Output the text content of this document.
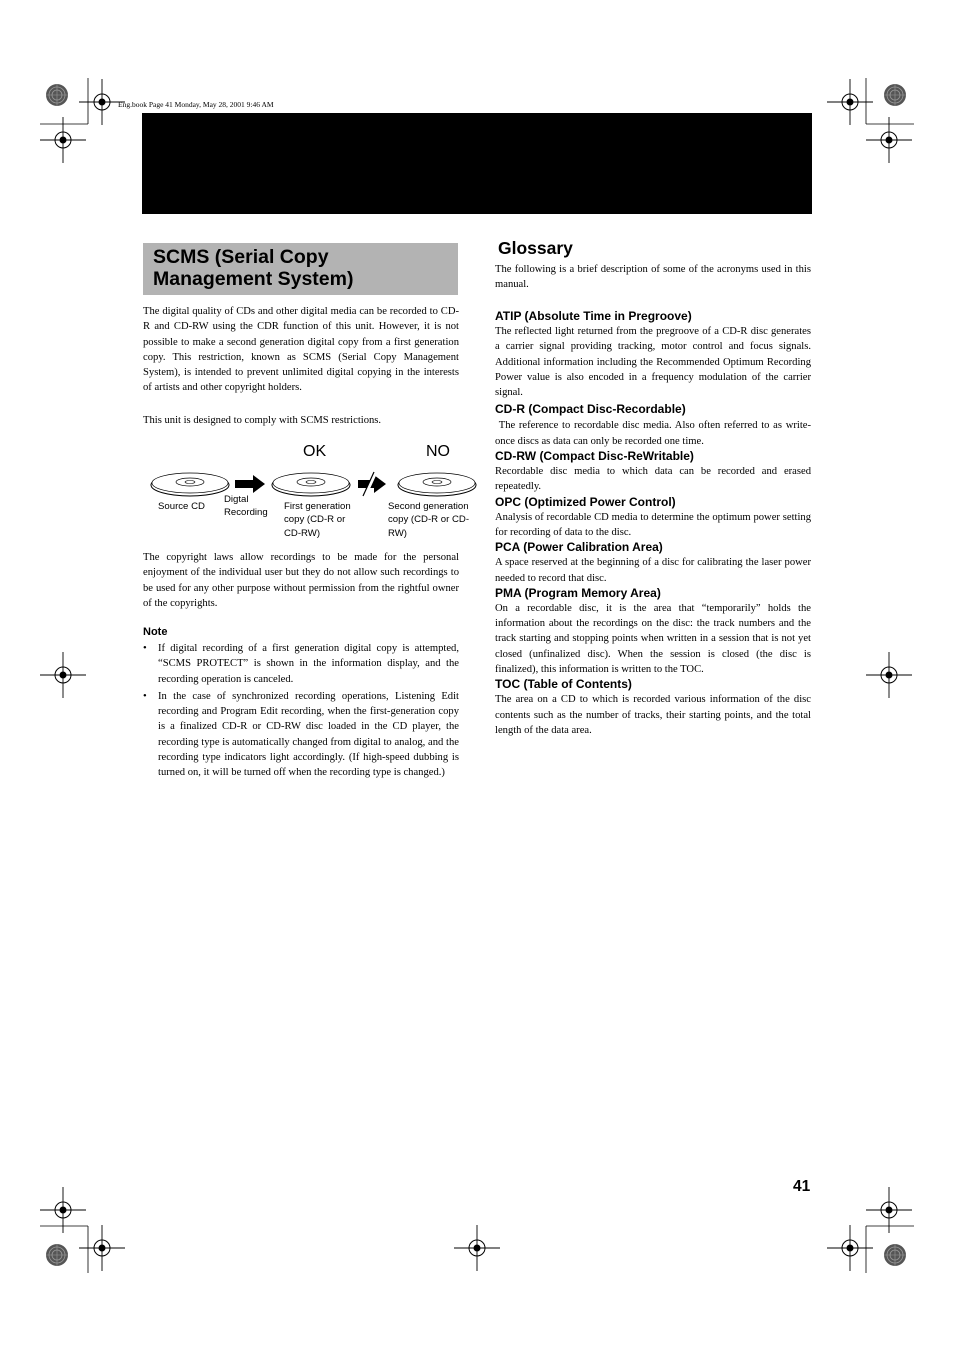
Eng.book Page 41 Monday, May 28, 2001 9:46 AM
SCMS (Serial Copy
Management System)
The digital quality of CDs and other digital media can be recorded to CD-R and CD-RW using the CDR function of this unit. However, it is not possible to make a second generation digital copy from a first generation copy. This restriction, known as SCMS (Serial Copy Management System), is intended to prevent unlimited digital copying in the interests of artists and other copyright holders.
This unit is designed to comply with SCMS restrictions.
OK	NO
Source CD
Digtal
Recording
First generation
copy (CD-R or
CD-RW)
Second generation
copy (CD-R or CD-
RW)
The copyright laws allow recordings to be made for the personal enjoyment of the individual user but they do not allow such recordings to be used for any other purpose without permission from the rightful owner of the copyrights.
Note
• If digital recording of a first generation digital copy is attempted, “SCMS PROTECT” is shown in the information display, and the recording operation is canceled.
• In the case of synchronized recording operations, Listening Edit recording and Program Edit recording, when the first-generation copy is a finalized CD-R or CD-RW disc loaded in the CD player, the recording type is automatically changed from digital to analog, and the recording type indicators light accordingly. (If high-speed dubbing is turned on, it will be turned off when the recording type is changed.)
Glossary
The following is a brief description of some of the acronyms used in this manual.
ATIP (Absolute Time in Pregroove)
The reflected light returned from the pregroove of a CD-R disc generates a carrier signal providing tracking, motor control and focus signals. Additional information including the Recommended Optimum Recording Power value is also encoded in a frequency modulation of the carrier signal.
CD-R (Compact Disc-Recordable)
The reference to recordable disc media. Also often referred to as write-once discs as data can only be recorded one time.
CD-RW (Compact Disc-ReWritable)
Recordable disc media to which data can be recorded and erased repeatedly.
OPC (Optimized Power Control)
Analysis of recordable CD media to determine the optimum power setting for recording of data to the disc.
PCA (Power Calibration Area)
A space reserved at the beginning of a disc for calibrating the laser power needed to record that disc.
PMA (Program Memory Area)
On a recordable disc, it is the area that “temporarily” holds the information about the recordings on the disc: the track numbers and the track starting and stopping points when written in a session that is not yet closed (unfinalized disc). When the session is closed (the disc is finalized), this information is written to the TOC.
TOC (Table of Contents)
The area on a CD to which is recorded various information of the disc contents such as the number of tracks, their starting points, and the total length of the data area.
41
